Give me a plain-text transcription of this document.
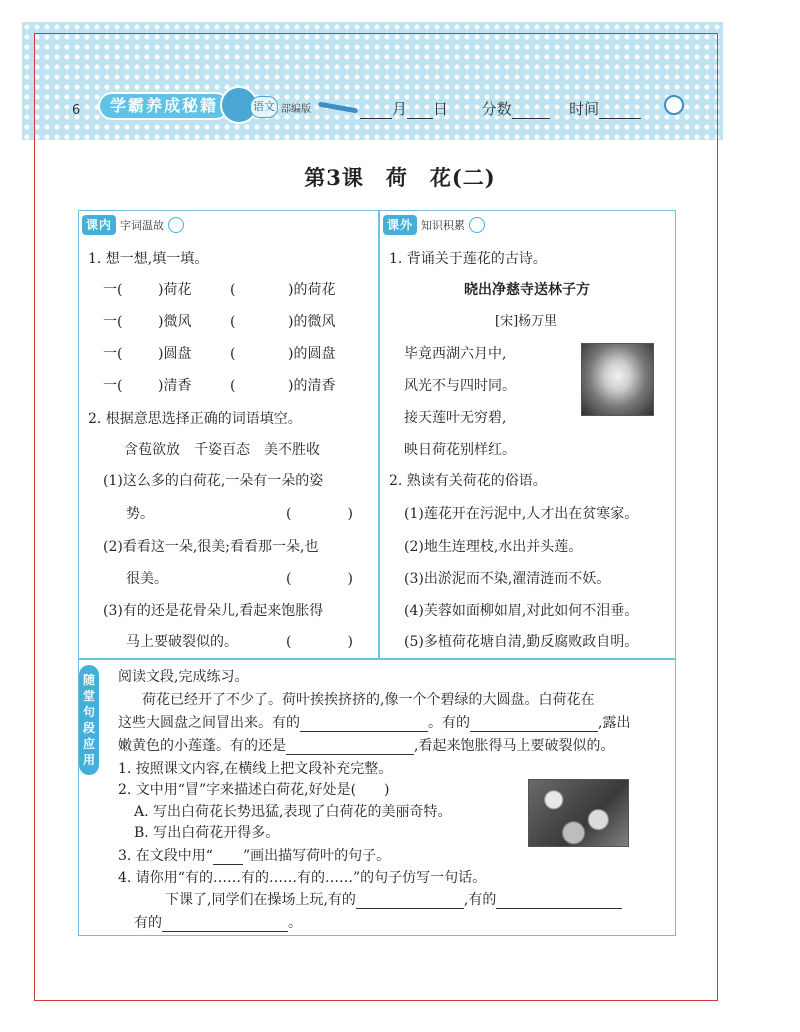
6	学霸养成秘籍	语文 部编版	月 日 分数	时间
第3课　荷　花(二)
课内 字词温故
1. 想一想,填一填。
一(	)荷花	(	)的荷花
一(	)微风	(	)的微风
一(	)圆盘	(	)的圆盘
一(	)清香	(	)的清香
2. 根据意思选择正确的词语填空。
含苞欲放　千姿百态　美不胜收
(1)这么多的白荷花,一朵有一朵的姿
势。	(　　　　)
(2)看看这一朵,很美;看看那一朵,也
很美。	(　　　　)
(3)有的还是花骨朵儿,看起来饱胀得
马上要破裂似的。	(　　　　)
课外 知识积累
1. 背诵关于莲花的古诗。
晓出净慈寺送林子方
[宋]杨万里
毕竟西湖六月中,
风光不与四时同。
接天莲叶无穷碧,
映日荷花别样红。
2. 熟读有关荷花的俗语。
(1)莲花开在污泥中,人才出在贫寒家。
(2)地生连理枝,水出并头莲。
(3)出淤泥而不染,濯清涟而不妖。
(4)芙蓉如面柳如眉,对此如何不泪垂。
(5)多植荷花塘自清,勤反腐败政自明。
随
堂
句
段
应
用
阅读文段,完成练习。
荷花已经开了不少了。荷叶挨挨挤挤的,像一个个碧绿的大圆盘。白荷花在
这些大圆盘之间冒出来。有的	。有的	,露出
嫩黄色的小莲蓬。有的还是	,看起来饱胀得马上要破裂似的。
1. 按照课文内容,在横线上把文段补充完整。
2. 文中用“冒”字来描述白荷花,好处是(　　)
A. 写出白荷花长势迅猛,表现了白荷花的美丽奇特。
B. 写出白荷花开得多。
3. 在文段中用“ ”画出描写荷叶的句子。
4. 请你用“有的……有的……有的……”的句子仿写一句话。
下课了,同学们在操场上玩,有的	,有的
有的	。
